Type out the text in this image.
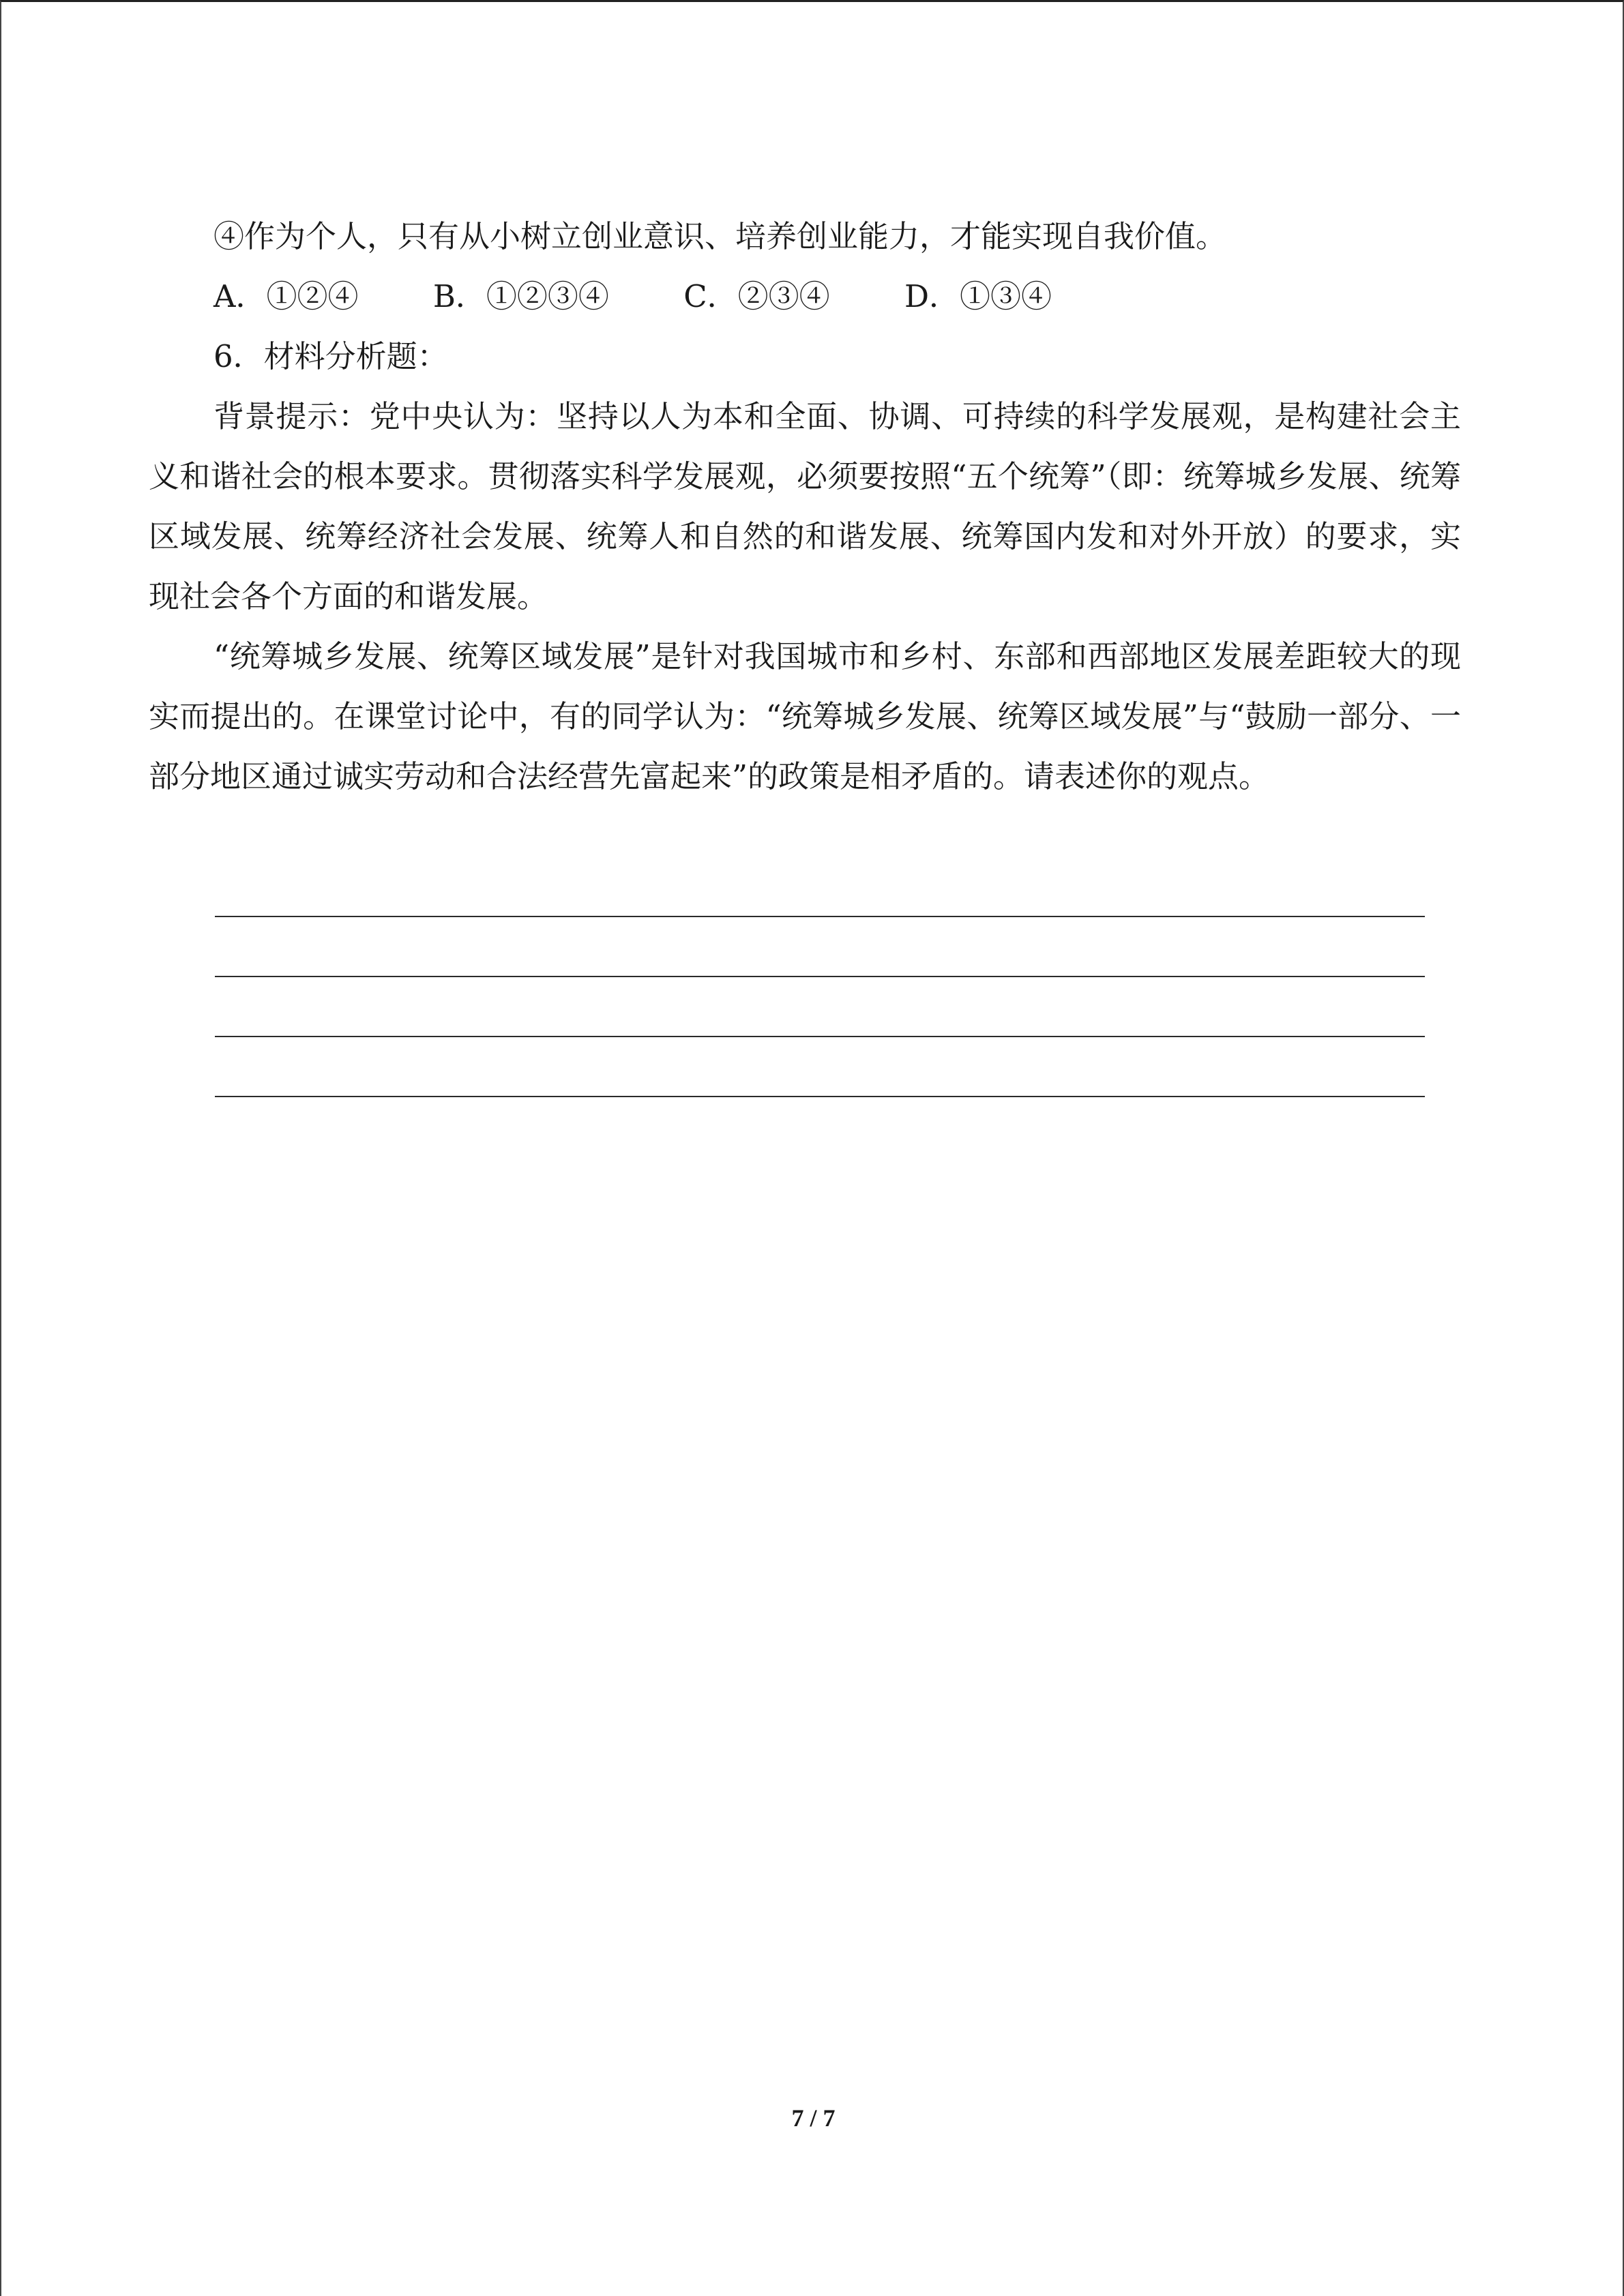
④作为个人，只有从小树立创业意识、培养创业能力，才能实现自我价值。

A．①②④ B．①②③④ C．②③④ D．①③④

6．材料分析题：

背景提示：党中央认为：坚持以人为本和全面、协调、可持续的科学发展观，是构建社会主义和谐社会的根本要求。贯彻落实科学发展观，必须要按照“五个统筹”（即：统筹城乡发展、统筹区域发展、统筹经济社会发展、统筹人和自然的和谐发展、统筹国内发和对外开放）的要求，实现社会各个方面的和谐发展。

“统筹城乡发展、统筹区域发展”是针对我国城市和乡村、东部和西部地区发展差距较大的现实而提出的。在课堂讨论中，有的同学认为：“统筹城乡发展、统筹区域发展”与“鼓励一部分、一部分地区通过诚实劳动和合法经营先富起来”的政策是相矛盾的。请表述你的观点。

7 / 7
